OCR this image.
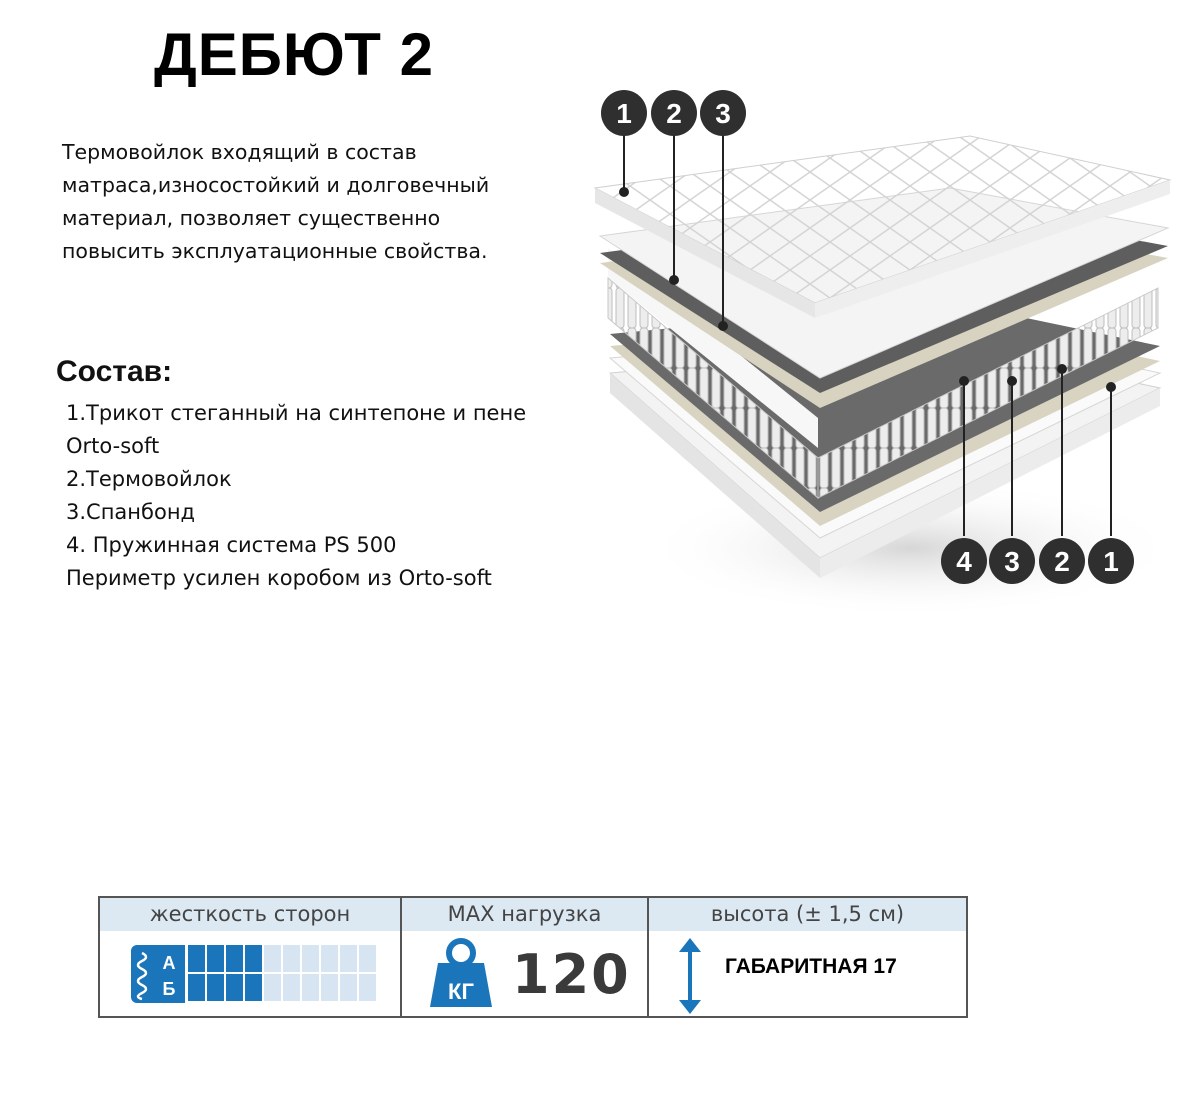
ДЕБЮТ 2

Термовойлок входящий в состав
матраса,износостойкий и долговечный
материал, позволяет существенно
повысить эксплуатационные свойства.

Состав:
1.Трикот стеганный на синтепоне и пене
Orto-soft
2.Термовойлок
3.Спанбонд
4. Пружинная система PS 500
Периметр усилен коробом из Orto-soft
1 2 3
4 3 2 1
жесткость сторон
А
Б
MAX нагрузка
КГ 120
высота (± 1,5 см)
ГАБАРИТНАЯ 17
